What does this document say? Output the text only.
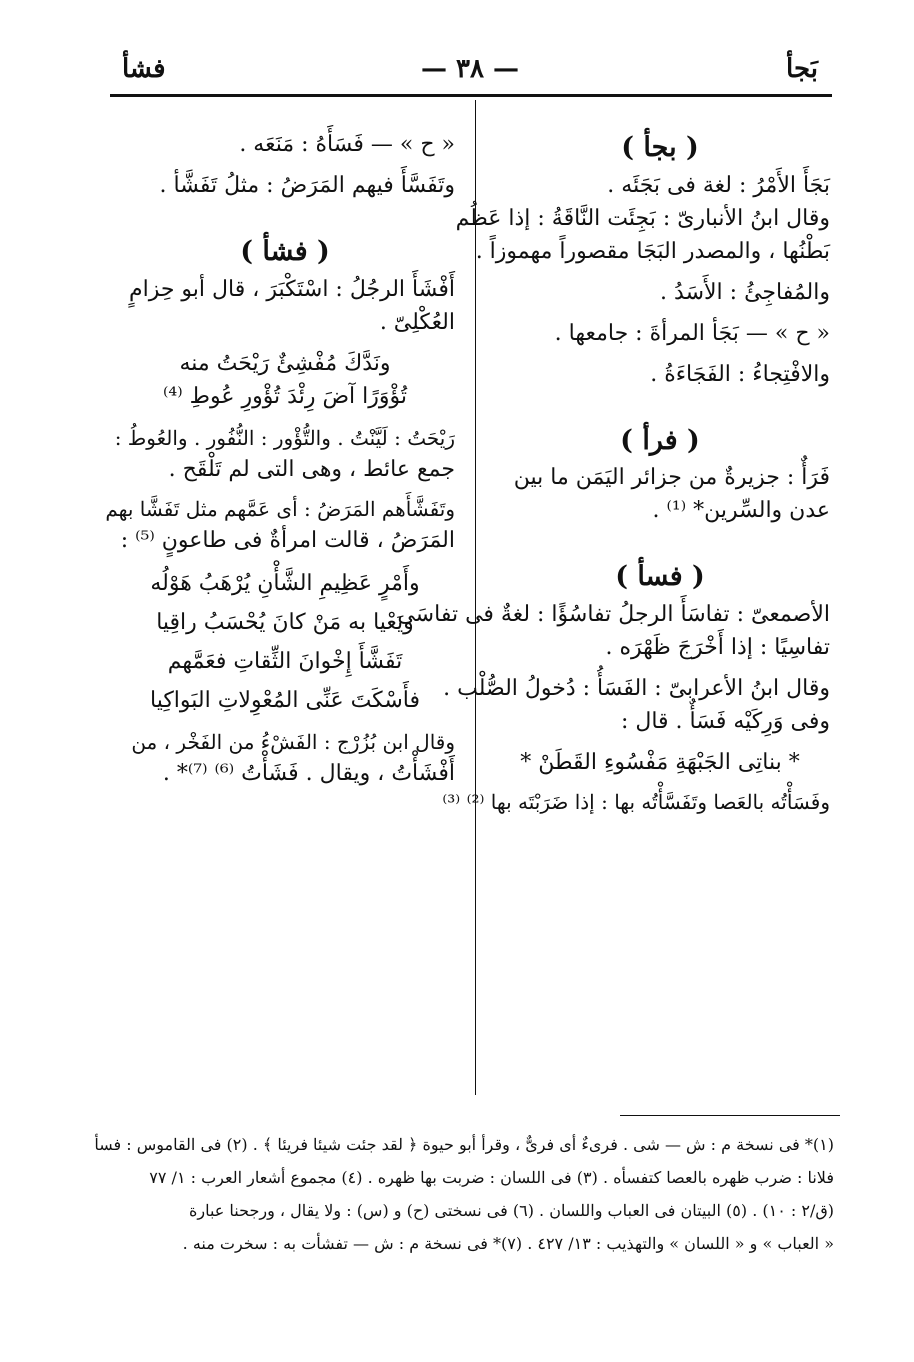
بَجأ
— ٣٨ —
فشأ

( بجأ )

بَجَأَ الأَمْرُ : لغة فى بَجَئَه .

وقال ابنُ الأنبارىّ : بَجِئَت النَّاقَةُ : إذا عَظُم

بَطْنُها ، والمصدر البَجَا مقصوراً مهموزاً .

والمُفاجِئُ : الأَسَدُ .

« ح » — بَجَأ المرأةَ : جامعها .

والافْتِجاءُ : الفَجَاءَةُ .

( فرأ )

فَرَأٌ : جزيرةٌ من جزائر اليَمَن ما بين

عدن والسِّرين* ⁽¹⁾ .

( فسأ )

الأصمعىّ : تفاسَأَ الرجلُ تفاسُؤًا : لغةٌ فى تفاسَى

تفاسِيًا : إذا أَخْرَجَ ظَهْرَه .

وقال ابنُ الأعرابىّ : الفَسَأُ : دُخولُ الصُّلْب .

وفى وَرِكَيْه فَسَأٌ . قال :

* بناتِى الجَبْهَةِ مَفْسُوءِ القَطَنْ *

وفَسَأْتُه بالعَصا وتَفَسَّأْتُه بها : إذا ضَرَبْتَه بها ⁽²⁾ ⁽³⁾

« ح » — فَسَأَهُ : مَنَعَه .

وتَفَسَّأَ فيهم المَرَضُ : مثلُ تَفَشَّأ .

( فشأ )

أَفْشَأَ الرجُلُ : اسْتَكْبَرَ ، قال أبو حِزامٍ

العُكْلِىّ .

ونَدَّكَ مُفْشِئٌ رَيْحَتُ منه

تُؤْوَرًا آضَ رِئْدَ تُؤْورِ عُوطِ ⁽⁴⁾

رَيْحَتُ : لَيَّنْتُ . والتُّؤْور : النُّفُور . والعُوطُ :

جمع عائط ، وهى التى لم تَلْقَح .

وتَفَشَّأَهم المَرَضُ : أى عَمَّهم مثل تَفَشَّا بهم

المَرَضُ ، قالت امرأةٌ فى طاعونٍ ⁽⁵⁾ :

وأَمْرٍ عَظِيمِ الشَّأْنِ يُرْهَبُ هَوْلُه

ويَعْيا به مَنْ كانَ يُحْسَبُ راقِيا

تَفَشَّأَ إِخْوانَ الثِّقاتِ فعَمَّهم

فأَسْكَتَ عَنِّى المُعْوِلاتِ البَواكِيا

وقال ابن بُزُرْج : الفَشْءُ من الفَخْر ، من

أَفْشَأْتُ ، ويقال . فَشَأْتُ ⁽⁶⁾ ⁽⁷⁾* .

(١)* فى نسخة م : ش — شى . فرىءٌ أى فرىٌّ ، وقرأ أبو حيوة ﴿ لقد جئت شيئا فريئا ﴾ . (٢) فى القاموس : فسأ

فلانا : ضرب ظهره بالعصا كتفسأه . (٣) فى اللسان : ضربت بها ظهره . (٤) مجموع أشعار العرب : ١/ ٧٧

(ق/٢ : ١٠) . (٥) البيتان فى العباب واللسان . (٦) فى نسختى (ح) و (س) : ولا يقال ، ورجحنا عبارة

« العباب » و « اللسان » والتهذيب : ١٣/ ٤٢٧ . (٧)* فى نسخة م : ش — تفشأت به : سخرت منه .
